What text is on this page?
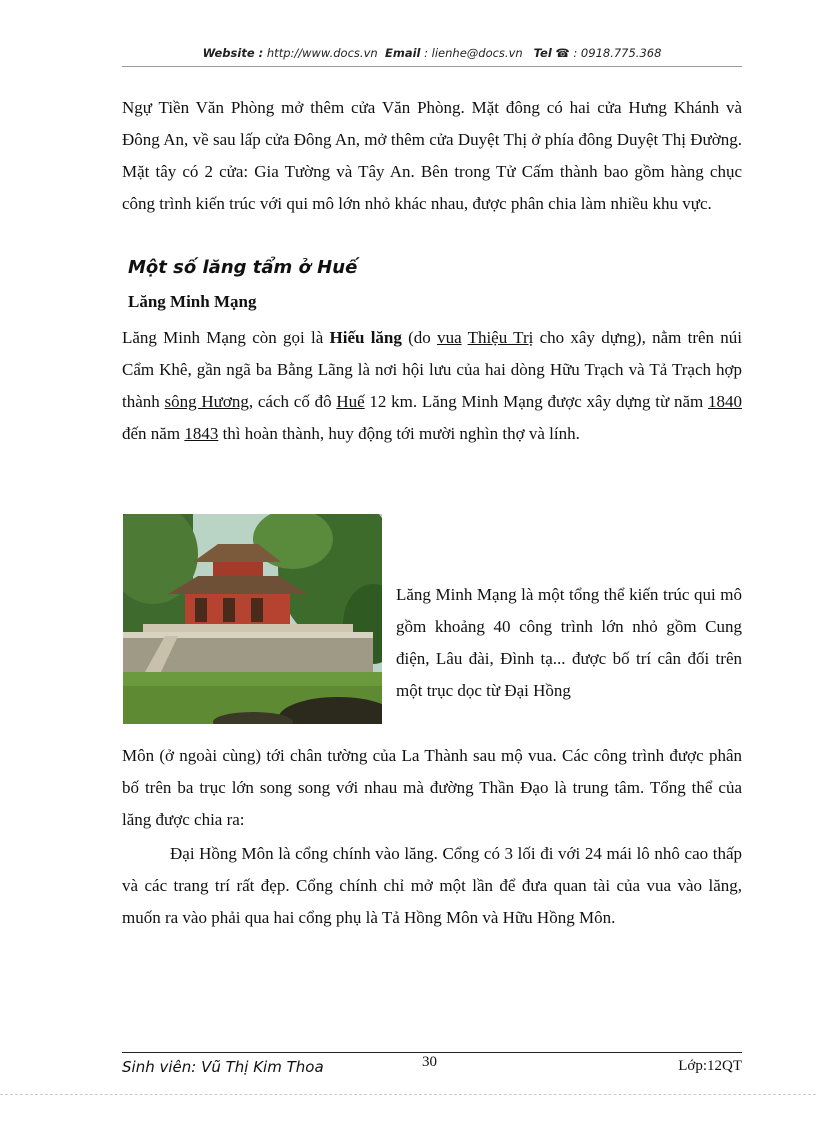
Website : http://www.docs.vn Email : lienhe@docs.vn Tel ☎ : 0918.775.368

Ngự Tiền Văn Phòng mở thêm cửa Văn Phòng. Mặt đông có hai cửa Hưng Khánh và Đông An, về sau lấp cửa Đông An, mở thêm cửa Duyệt Thị ở phía đông Duyệt Thị Đường. Mặt tây có 2 cửa: Gia Tường và Tây An. Bên trong Tử Cấm thành bao gồm hàng chục công trình kiến trúc với qui mô lớn nhỏ khác nhau, được phân chia làm nhiều khu vực.

Một số lăng tẩm ở Huế
Lăng Minh Mạng

Lăng Minh Mạng còn gọi là Hiếu lăng (do vua Thiệu Trị cho xây dựng), nằm trên núi Cẩm Khê, gần ngã ba Bằng Lãng là nơi hội lưu của hai dòng Hữu Trạch và Tả Trạch hợp thành sông Hương, cách cố đô Huế 12 km. Lăng Minh Mạng được xây dựng từ năm 1840 đến năm 1843 thì hoàn thành, huy động tới mười nghìn thợ và lính.

Lăng Minh Mạng là một tổng thể kiến trúc qui mô gồm khoảng 40 công trình lớn nhỏ gồm Cung điện, Lâu đài, Đình tạ... được bố trí cân đối trên một trục dọc từ Đại Hồng

Môn (ở ngoài cùng) tới chân tường của La Thành sau mộ vua. Các công trình được phân bố trên ba trục lớn song song với nhau mà đường Thần Đạo là trung tâm. Tổng thể của lăng được chia ra:

Đại Hồng Môn là cổng chính vào lăng. Cổng có 3 lối đi với 24 mái lô nhô cao thấp và các trang trí rất đẹp. Cổng chính chỉ mở một lần để đưa quan tài của vua vào lăng, muốn ra vào phải qua hai cổng phụ là Tả Hồng Môn và Hữu Hồng Môn.

Sinh viên: Vũ Thị Kim Thoa	30	Lớp:12QT
